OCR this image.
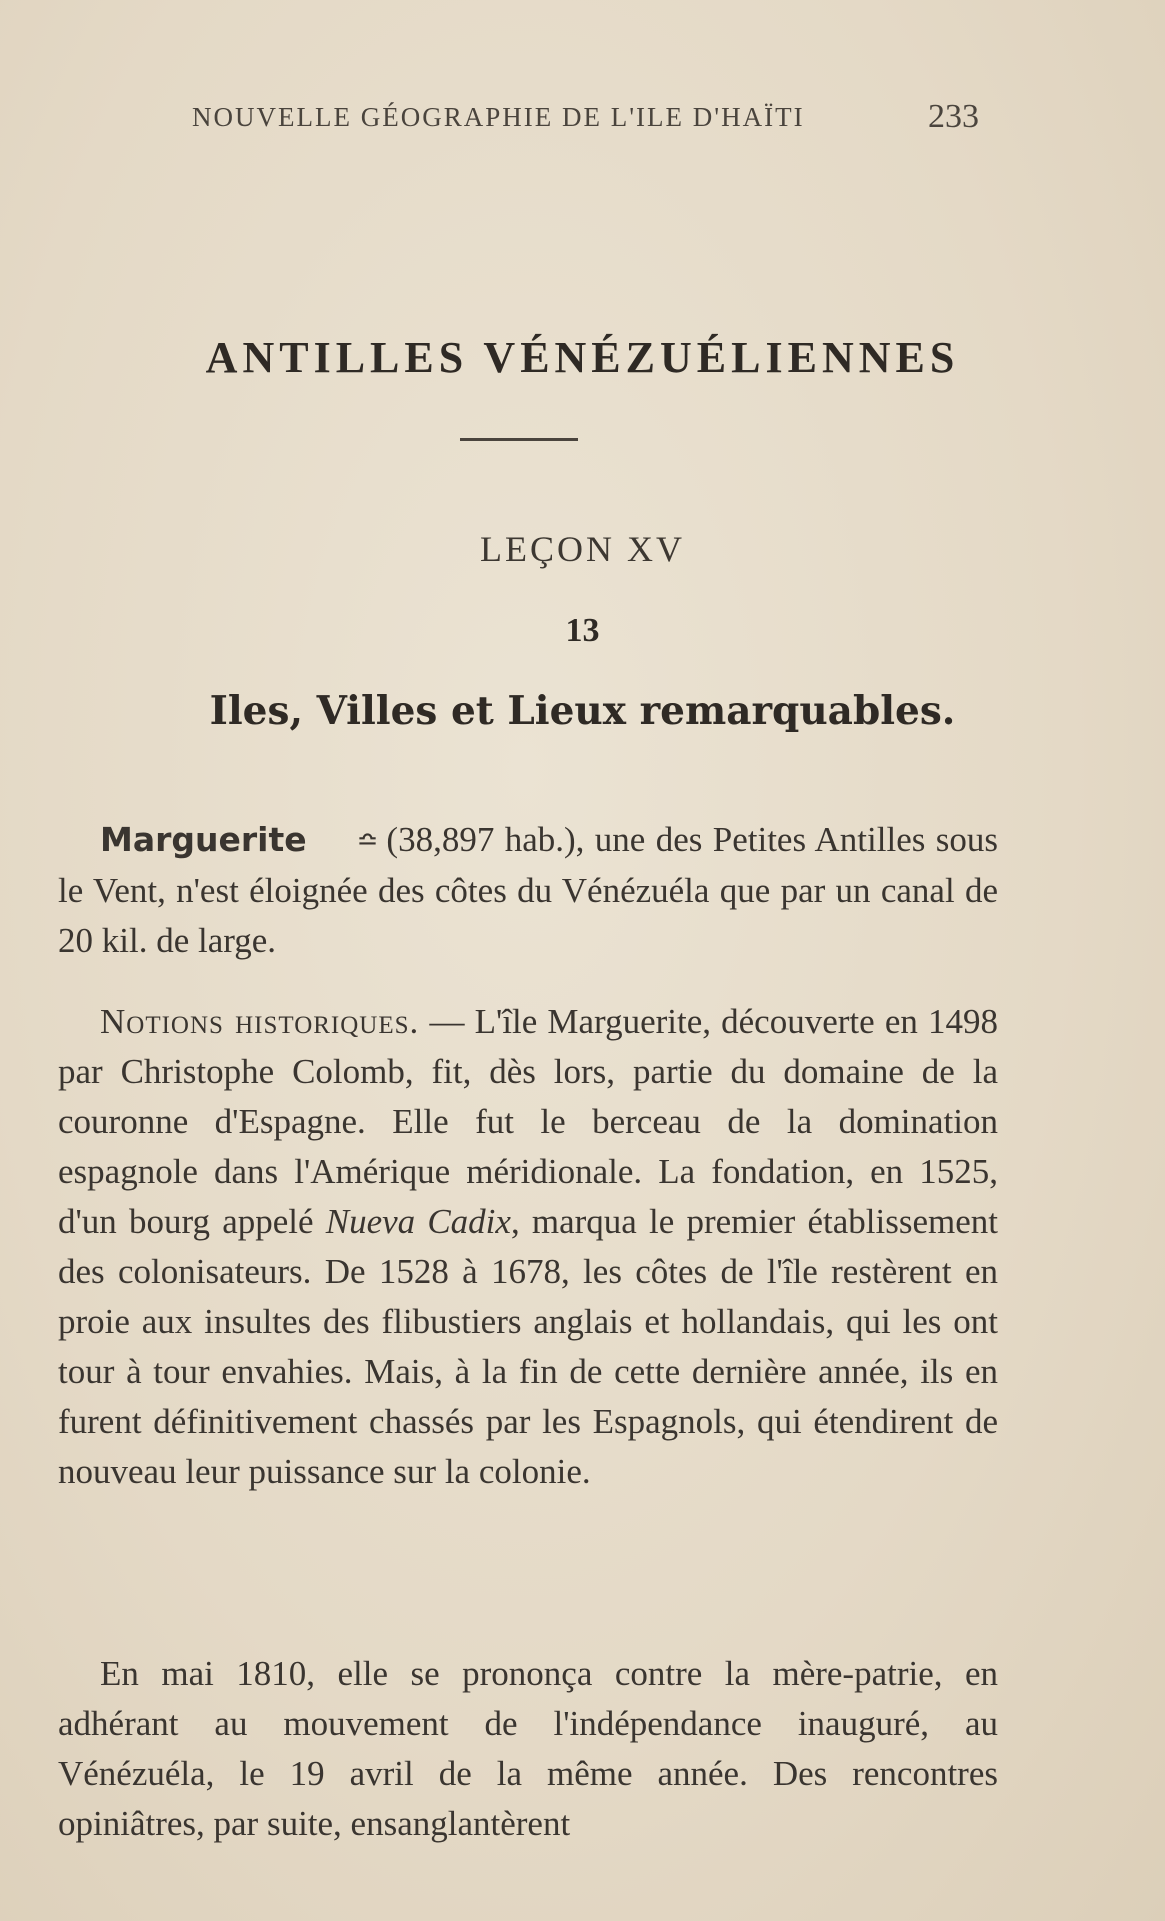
NOUVELLE GÉOGRAPHIE DE L'ILE D'HAÏTI	233
ANTILLES VÉNÉZUÉLIENNES
LEÇON XV
13
Iles, Villes et Lieux remarquables.

Marguerite ≏ (38,897 hab.), une des Petites Antilles sous le Vent, n'est éloignée des côtes du Vénézuéla que par un canal de 20 kil. de large.

Notions historiques. — L'île Marguerite, découverte en 1498 par Christophe Colomb, fit, dès lors, partie du domaine de la couronne d'Espagne. Elle fut le berceau de la domination espagnole dans l'Amérique méridionale. La fondation, en 1525, d'un bourg appelé Nueva Cadix, marqua le premier établissement des colonisateurs. De 1528 à 1678, les côtes de l'île restèrent en proie aux insultes des flibustiers anglais et hollandais, qui les ont tour à tour envahies. Mais, à la fin de cette dernière année, ils en furent définitivement chassés par les Espagnols, qui étendirent de nouveau leur puissance sur la colonie.

En mai 1810, elle se prononça contre la mère-patrie, en adhérant au mouvement de l'indépendance inauguré, au Vénézuéla, le 19 avril de la même année. Des rencontres opiniâtres, par suite, ensanglantèrent
